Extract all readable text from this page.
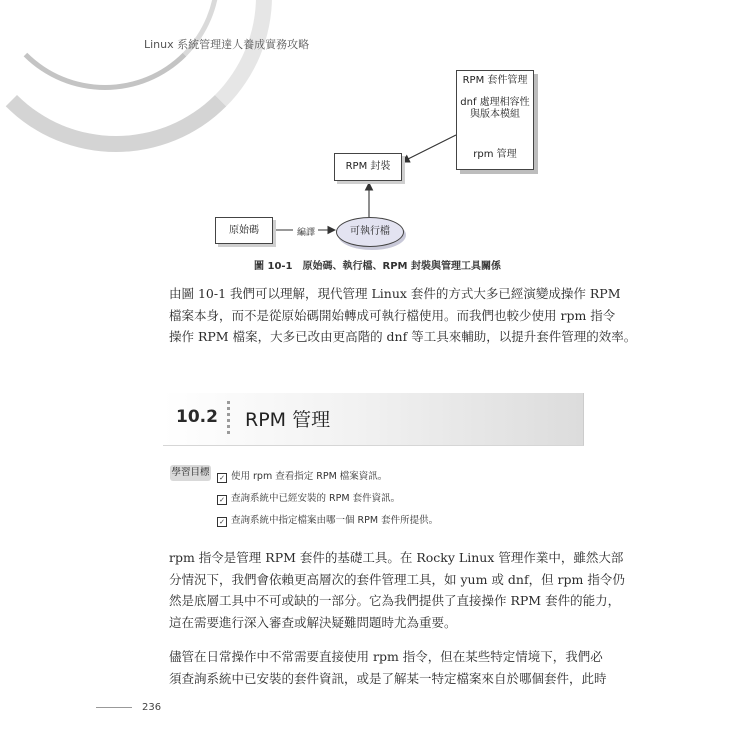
Linux 系統管理達人養成實務攻略
RPM 套件管理
dnf 處理相容性
與版本模組
rpm 管理
RPM 封裝
原始碼	編譯	可執行檔
圖 10-1 原始碼、執行檔、RPM 封裝與管理工具關係
由圖 10-1 我們可以理解，現代管理 Linux 套件的方式大多已經演變成操作 RPM
檔案本身，而不是從原始碼開始轉成可執行檔使用。而我們也較少使用 rpm 指令
操作 RPM 檔案，大多已改由更高階的 dnf 等工具來輔助，以提升套件管理的效率。
10.2 RPM 管理
學習目標 ✓ 使用 rpm 查看指定 RPM 檔案資訊。
✓ 查詢系統中已經安裝的 RPM 套件資訊。
✓ 查詢系統中指定檔案由哪一個 RPM 套件所提供。
rpm 指令是管理 RPM 套件的基礎工具。在 Rocky Linux 管理作業中，雖然大部
分情況下，我們會依賴更高層次的套件管理工具，如 yum 或 dnf，但 rpm 指令仍
然是底層工具中不可或缺的一部分。它為我們提供了直接操作 RPM 套件的能力，
這在需要進行深入審查或解決疑難問題時尤為重要。
儘管在日常操作中不常需要直接使用 rpm 指令，但在某些特定情境下，我們必
須查詢系統中已安裝的套件資訊，或是了解某一特定檔案來自於哪個套件，此時
236
